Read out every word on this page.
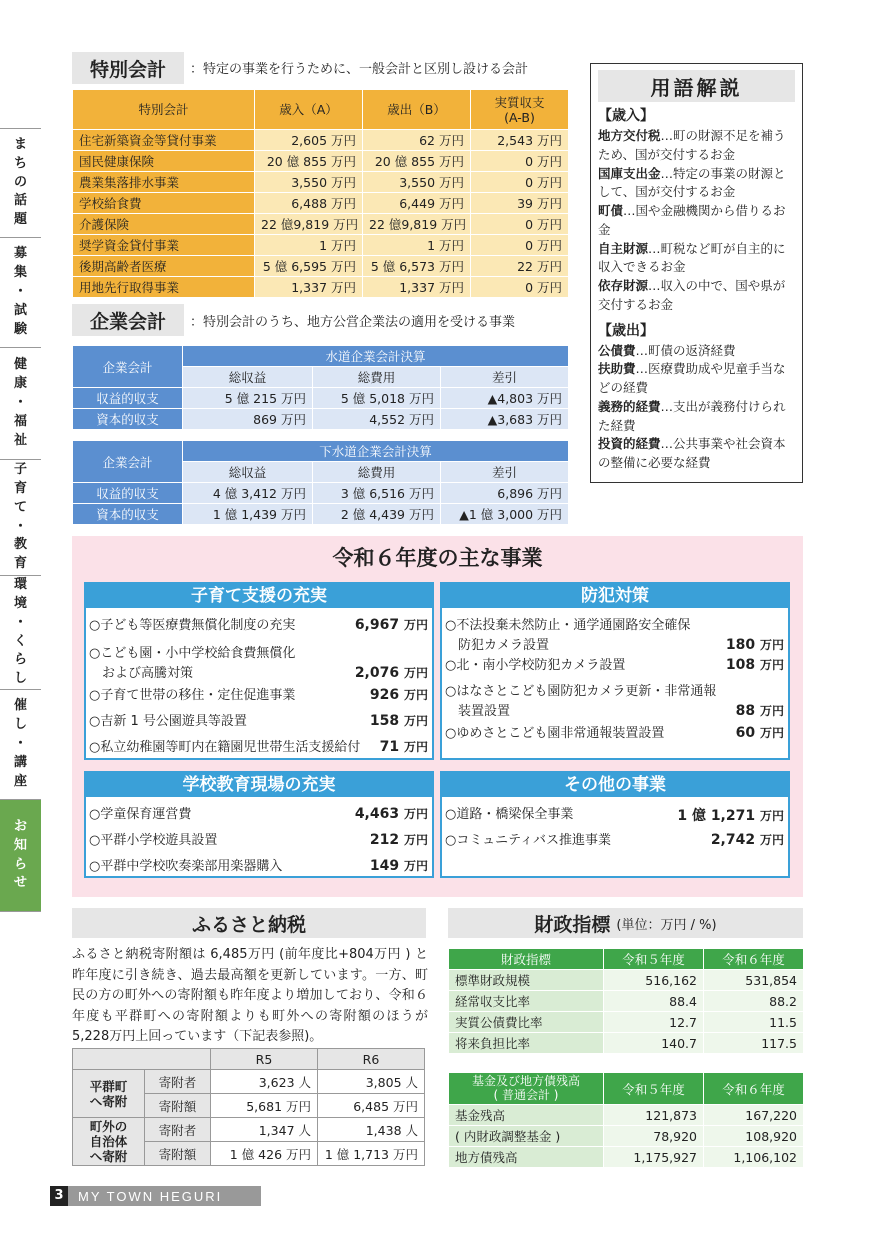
ま
ち
の
話
題
募
集
・
試
験
健
康
・
福
祉
子
育
て
・
教
育
環
境
・
く
ら
し
催
し
・
講
座
お
知
ら
せ
特別会計 ：特定の事業を行うために、一般会計と区別し設ける会計
特別会計	歳入（A）	歳出（B）	実質収支
(A-B)
住宅新築資金等貸付事業	2,605 万円	62 万円	2,543 万円
国民健康保険	20 億 855 万円	20 億 855 万円	0 万円
農業集落排水事業	3,550 万円	3,550 万円	0 万円
学校給食費	6,488 万円	6,449 万円	39 万円
介護保険	22 億9,819 万円	22 億9,819 万円	0 万円
奨学資金貸付事業	1 万円	1 万円	0 万円
後期高齢者医療	5 億 6,595 万円	5 億 6,573 万円	22 万円
用地先行取得事業	1,337 万円	1,337 万円	0 万円
企業会計 ：特別会計のうち、地方公営企業法の適用を受ける事業
企業会計	水道企業会計決算		
	総収益	総費用	差引
収益的収支	5 億 215 万円	5 億 5,018 万円	▲4,803 万円
資本的収支	869 万円	4,552 万円	▲3,683 万円
企業会計	下水道企業会計決算		
	総収益	総費用	差引
収益的収支	4 億 3,412 万円	3 億 6,516 万円	6,896 万円
資本的収支	1 億 1,439 万円	2 億 4,439 万円	▲1 億 3,000 万円
用語解説
【歳入】
地方交付税…町の財源不足を補うため、国が交付するお金
国庫支出金…特定の事業の財源として、国が交付するお金
町債…国や金融機関から借りるお金
自主財源…町税など町が自主的に収入できるお金
依存財源…収入の中で、国や県が交付するお金
【歳出】
公債費…町債の返済経費
扶助費…医療費助成や児童手当などの経費
義務的経費…支出が義務付けられた経費
投資的経費…公共事業や社会資本の整備に必要な経費
令和６年度の主な事業
子育て支援の充実
○子ども等医療費無償化制度の充実	6,967 万円
○こども園・小中学校給食費無償化
　および高騰対策	2,076 万円
○子育て世帯の移住・定住促進事業	926 万円
○吉新 1 号公園遊具等設置	158 万円
○私立幼稚園等町内在籍園児世帯生活支援給付 71 万円
防犯対策
○不法投棄未然防止・通学通園路安全確保
　防犯カメラ設置	180 万円
○北・南小学校防犯カメラ設置	108 万円
○はなさとこども園防犯カメラ更新・非常通報
　装置設置	88 万円
○ゆめさとこども園非常通報装置設置	60 万円
学校教育現場の充実
○学童保育運営費	4,463 万円
○平群小学校遊具設置	212 万円
○平群中学校吹奏楽部用楽器購入	149 万円
その他の事業
○道路・橋梁保全事業	1 億 1,271 万円
○コミュニティバス推進事業	2,742 万円
ふるさと納税
ふるさと納税寄附額は 6,485万円 (前年度比+804万円 ) と昨年度に引き続き、過去最高額を更新しています。一方、町民の方の町外への寄附額も昨年度より増加しており、令和６年度も平群町への寄附額よりも町外への寄附額のほうが 5,228万円上回っています（下記表参照)。
		R5	R6
平群町
へ寄附	寄附者	3,623 人	3,805 人
	寄附額	5,681 万円	6,485 万円
町外の
自治体
へ寄附	寄附者	1,347 人	1,438 人
	寄附額	1 億 426 万円	1 億 1,713 万円
財政指標 (単位：万円 / %)
財政指標	令和５年度	令和６年度
標準財政規模	516,162	531,854
経常収支比率	88.4	88.2
実質公債費比率	12.7	11.5
将来負担比率	140.7	117.5
基金及び地方債残高
( 普通会計 )	令和５年度	令和６年度
基金残高	121,873	167,220
( 内財政調整基金 )	78,920	108,920
地方債残高	1,175,927	1,106,102
3	MY TOWN HEGURI
